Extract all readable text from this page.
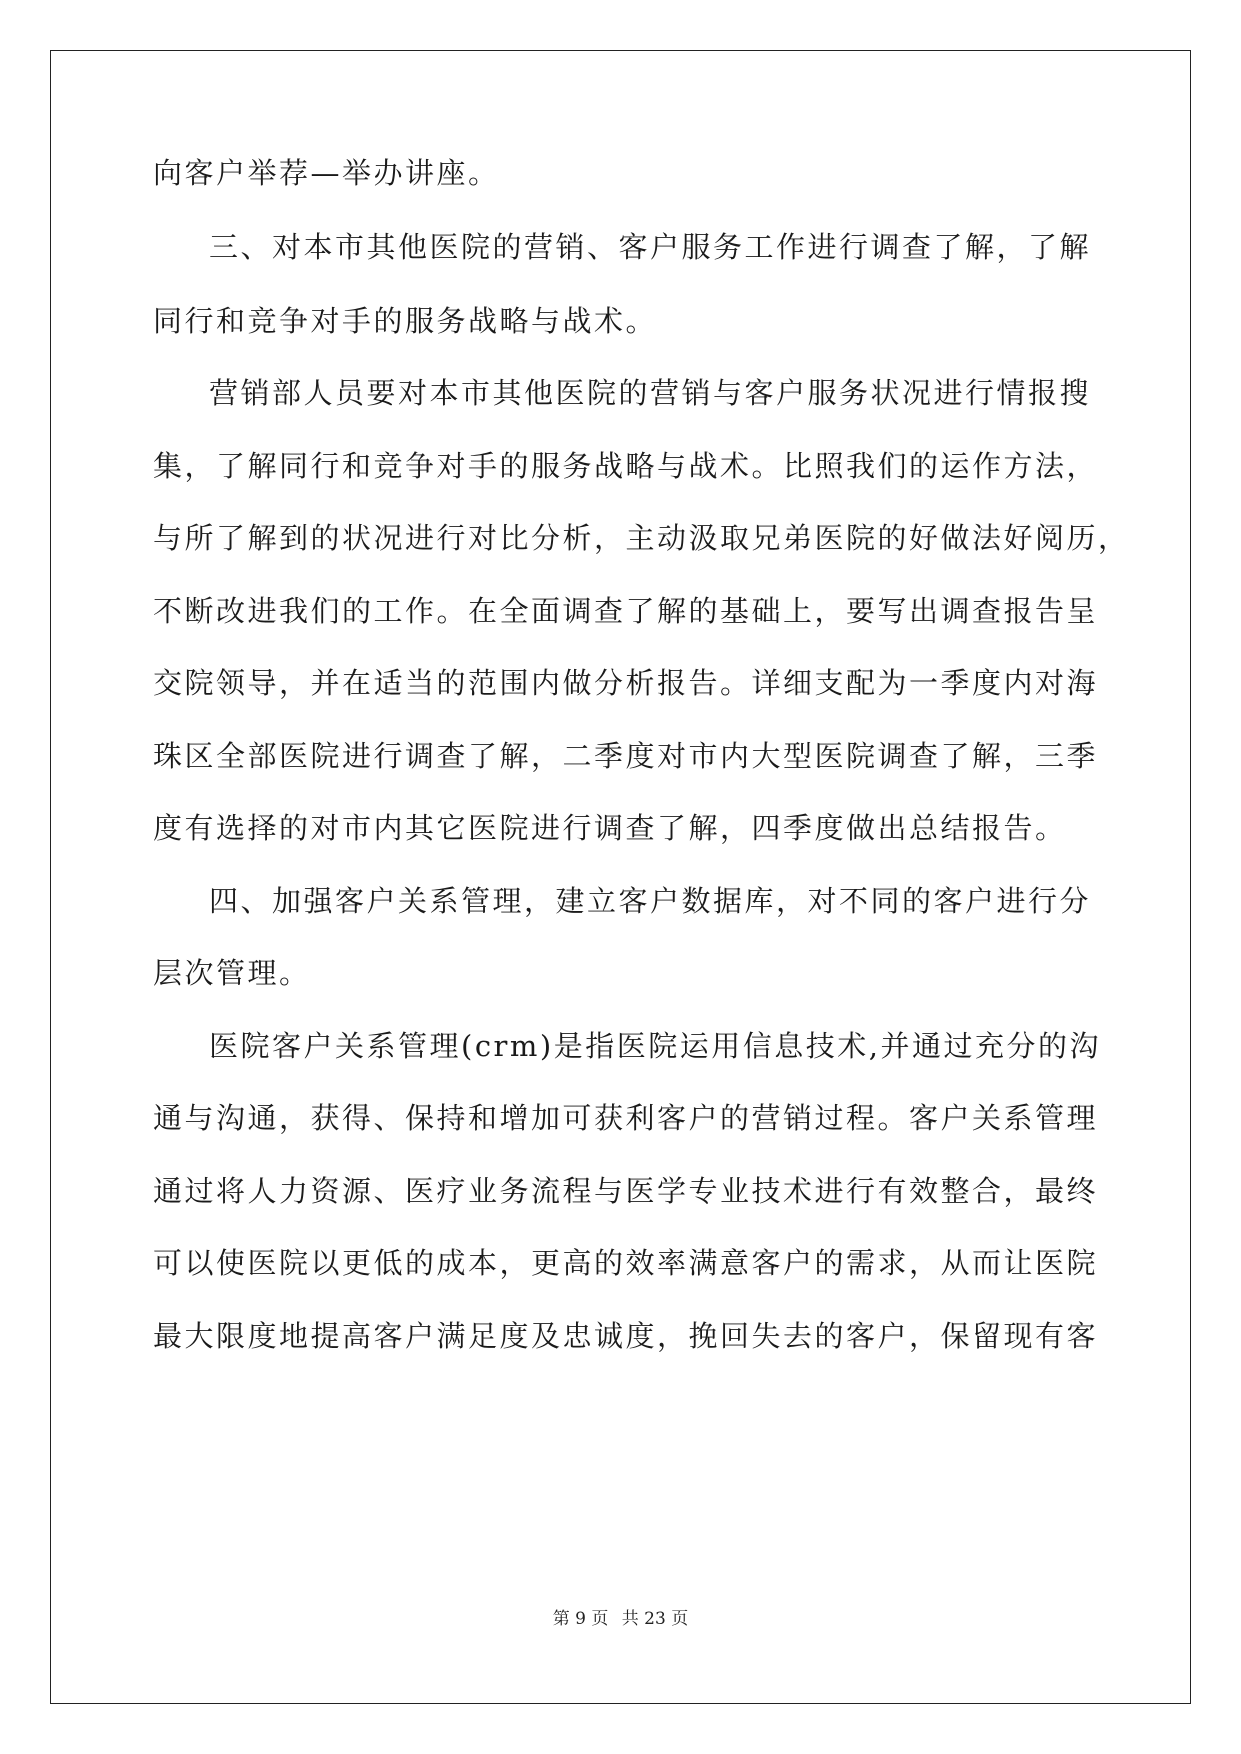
向客户举荐—举办讲座。
三、对本市其他医院的营销、客户服务工作进行调查了解，了解
同行和竞争对手的服务战略与战术。
营销部人员要对本市其他医院的营销与客户服务状况进行情报搜
集，了解同行和竞争对手的服务战略与战术。比照我们的运作方法，
与所了解到的状况进行对比分析，主动汲取兄弟医院的好做法好阅历，
不断改进我们的工作。在全面调查了解的基础上，要写出调查报告呈
交院领导，并在适当的范围内做分析报告。详细支配为一季度内对海
珠区全部医院进行调查了解，二季度对市内大型医院调查了解，三季
度有选择的对市内其它医院进行调查了解，四季度做出总结报告。
四、加强客户关系管理，建立客户数据库，对不同的客户进行分
层次管理。
医院客户关系管理(crm)是指医院运用信息技术,并通过充分的沟
通与沟通，获得、保持和增加可获利客户的营销过程。客户关系管理
通过将人力资源、医疗业务流程与医学专业技术进行有效整合，最终
可以使医院以更低的成本，更高的效率满意客户的需求，从而让医院
最大限度地提高客户满足度及忠诚度，挽回失去的客户，保留现有客
第 9 页 共 23 页
